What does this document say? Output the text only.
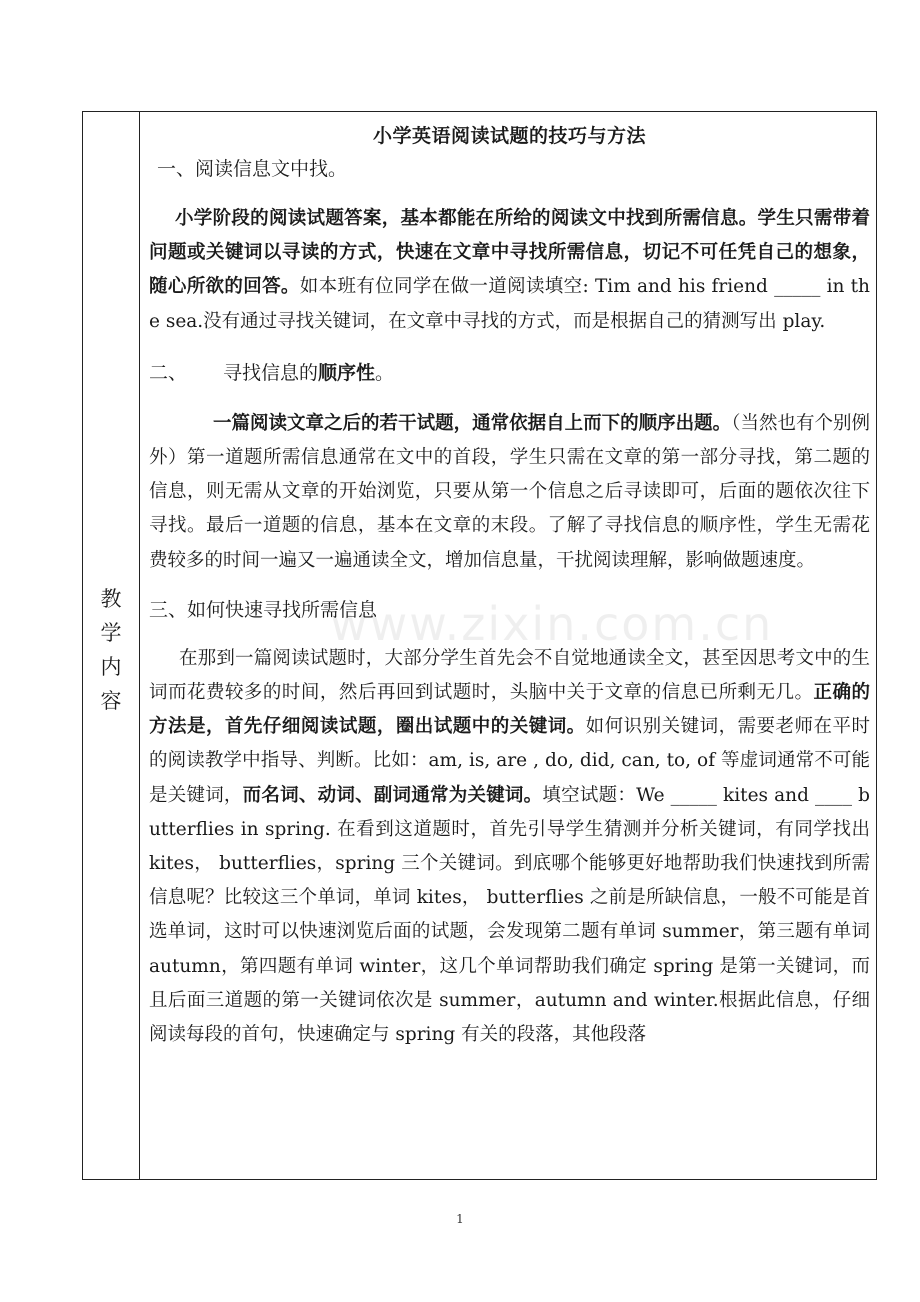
教
学
内
容
小学英语阅读试题的技巧与方法

一、阅读信息文中找。

小学阶段的阅读试题答案，基本都能在所给的阅读文中找到所需信息。学生只需带着问题或关键词以寻读的方式，快速在文章中寻找所需信息，切记不可任凭自己的想象，随心所欲的回答。如本班有位同学在做一道阅读填空: Tim and his friend _____ in the sea.没有通过寻找关键词，在文章中寻找的方式，而是根据自己的猜测写出 play.

二、 寻找信息的顺序性。

一篇阅读文章之后的若干试题，通常依据自上而下的顺序出题。（当然也有个别例外）第一道题所需信息通常在文中的首段，学生只需在文章的第一部分寻找，第二题的信息，则无需从文章的开始浏览，只要从第一个信息之后寻读即可，后面的题依次往下寻找。最后一道题的信息，基本在文章的末段。了解了寻找信息的顺序性，学生无需花费较多的时间一遍又一遍通读全文，增加信息量，干扰阅读理解，影响做题速度。

三、如何快速寻找所需信息

在那到一篇阅读试题时，大部分学生首先会不自觉地通读全文，甚至因思考文中的生词而花费较多的时间，然后再回到试题时，头脑中关于文章的信息已所剩无几。正确的方法是，首先仔细阅读试题，圈出试题中的关键词。如何识别关键词，需要老师在平时的阅读教学中指导、判断。比如：am, is, are , do, did, can, to, of 等虚词通常不可能是关键词，而名词、动词、副词通常为关键词。填空试题：We _____ kites and ____ butterflies in spring. 在看到这道题时，首先引导学生猜测并分析关键词，有同学找出 kites， butterflies，spring 三个关键词。到底哪个能够更好地帮助我们快速找到所需信息呢？比较这三个单词，单词 kites， butterflies 之前是所缺信息，一般不可能是首选单词，这时可以快速浏览后面的试题，会发现第二题有单词 summer，第三题有单词 autumn，第四题有单词 winter，这几个单词帮助我们确定 spring 是第一关键词，而且后面三道题的第一关键词依次是 summer，autumn and winter.根据此信息，仔细阅读每段的首句，快速确定与 spring 有关的段落，其他段落

www.zixin.com.cn
1
